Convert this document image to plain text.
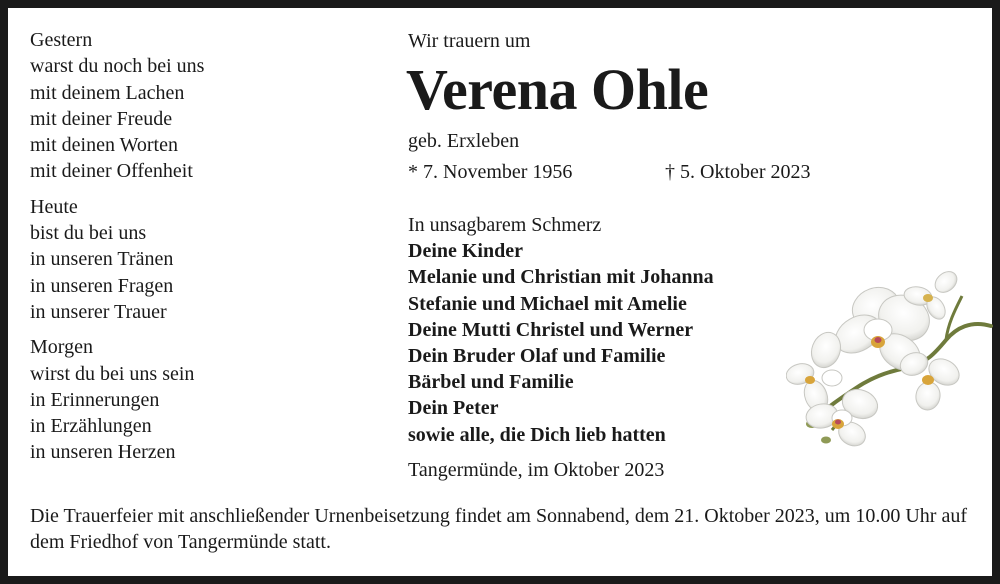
Gestern
warst du noch bei uns
mit deinem Lachen
mit deiner Freude
mit deinen Worten
mit deiner Offenheit
Heute
bist du bei uns
in unseren Tränen
in unseren Fragen
in unserer Trauer
Morgen
wirst du bei uns sein
in Erinnerungen
in Erzählungen
in unseren Herzen
Wir trauern um
Verena Ohle
geb. Erxleben
* 7. November 1956	† 5. Oktober 2023
In unsagbarem Schmerz
Deine Kinder
Melanie und Christian mit Johanna
Stefanie und Michael mit Amelie
Deine Mutti Christel und Werner
Dein Bruder Olaf und Familie
Bärbel und Familie
Dein Peter
sowie alle, die Dich lieb hatten
Tangermünde, im Oktober 2023
Die Trauerfeier mit anschließender Urnenbeisetzung findet am Sonnabend, dem 21. Oktober 2023, um 10.00 Uhr auf dem Friedhof von Tangermünde statt.
